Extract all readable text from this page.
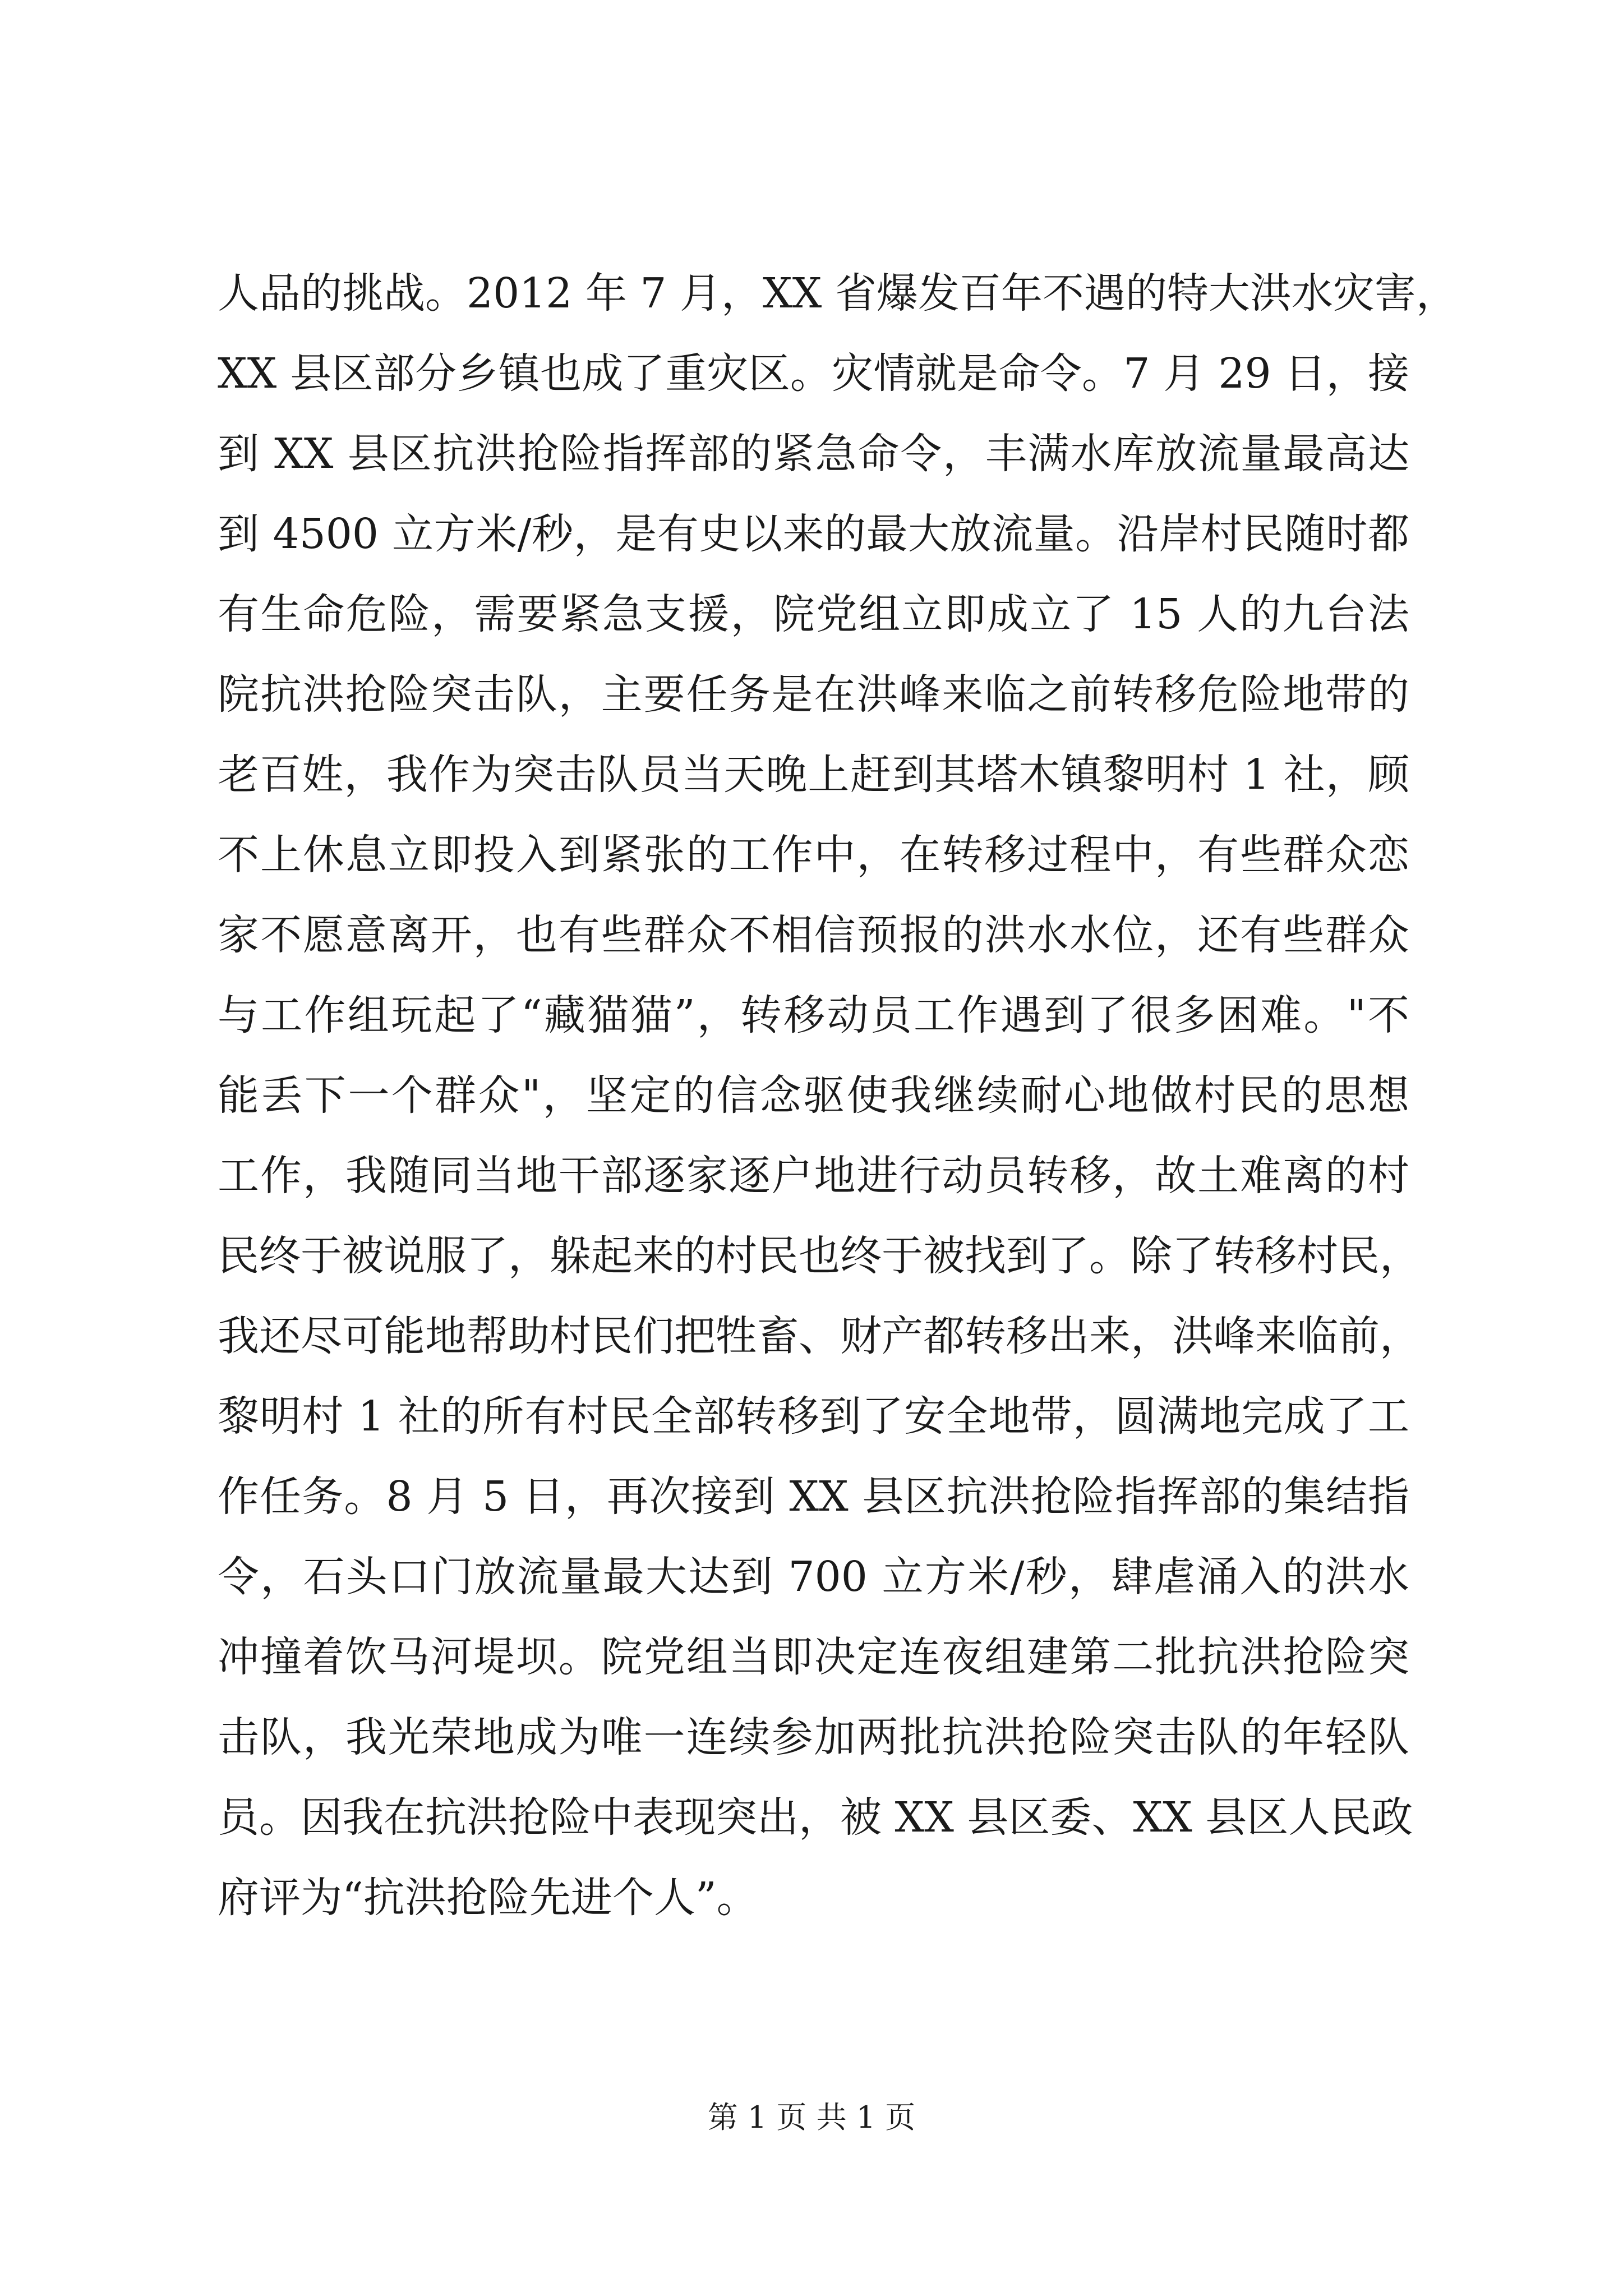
人品的挑战。2012 年 7 月，XX 省爆发百年不遇的特大洪水灾害，
XX 县区部分乡镇也成了重灾区。灾情就是命令。7 月 29 日，接
到 XX 县区抗洪抢险指挥部的紧急命令，丰满水库放流量最高达
到 4500 立方米/秒，是有史以来的最大放流量。沿岸村民随时都
有生命危险，需要紧急支援，院党组立即成立了 15 人的九台法
院抗洪抢险突击队，主要任务是在洪峰来临之前转移危险地带的
老百姓，我作为突击队员当天晚上赶到其塔木镇黎明村 1 社，顾
不上休息立即投入到紧张的工作中，在转移过程中，有些群众恋
家不愿意离开，也有些群众不相信预报的洪水水位，还有些群众
与工作组玩起了“藏猫猫”，转移动员工作遇到了很多困难。"不
能丢下一个群众"，坚定的信念驱使我继续耐心地做村民的思想
工作，我随同当地干部逐家逐户地进行动员转移，故土难离的村
民终于被说服了，躲起来的村民也终于被找到了。除了转移村民，
我还尽可能地帮助村民们把牲畜、财产都转移出来，洪峰来临前，
黎明村 1 社的所有村民全部转移到了安全地带，圆满地完成了工
作任务。8 月 5 日，再次接到 XX 县区抗洪抢险指挥部的集结指
令，石头口门放流量最大达到 700 立方米/秒，肆虐涌入的洪水
冲撞着饮马河堤坝。院党组当即决定连夜组建第二批抗洪抢险突
击队，我光荣地成为唯一连续参加两批抗洪抢险突击队的年轻队
员。因我在抗洪抢险中表现突出，被 XX 县区委、XX 县区人民政
府评为“抗洪抢险先进个人”。
第 1 页 共 1 页
